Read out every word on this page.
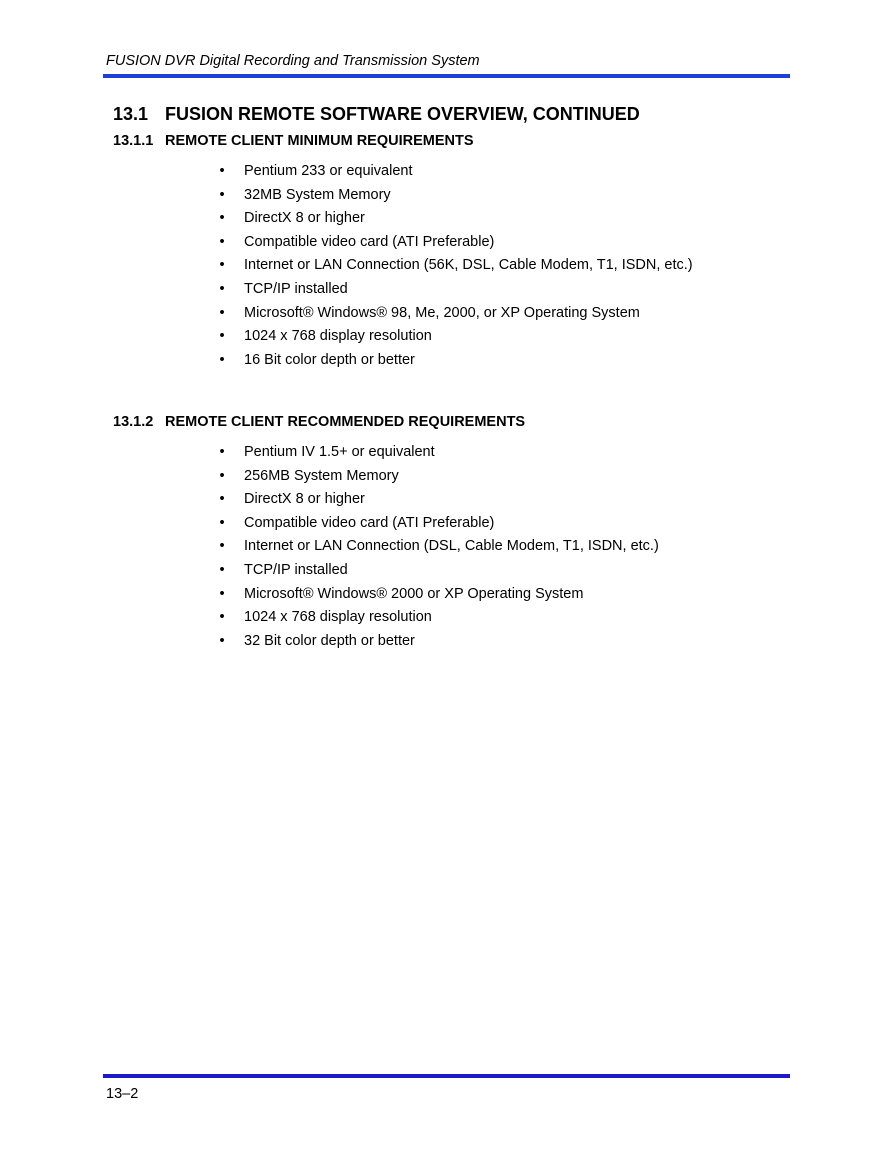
FUSION DVR Digital Recording and Transmission System
13.1 FUSION REMOTE SOFTWARE OVERVIEW, CONTINUED
13.1.1 REMOTE CLIENT MINIMUM REQUIREMENTS
•	Pentium 233 or equivalent
•	32MB System Memory
•	DirectX 8 or higher
•	Compatible video card (ATI Preferable)
•	Internet or LAN Connection (56K, DSL, Cable Modem, T1, ISDN, etc.)
•	TCP/IP installed
•	Microsoft® Windows® 98, Me, 2000, or XP Operating System
•	1024 x 768 display resolution
•	16 Bit color depth or better
13.1.2 REMOTE CLIENT RECOMMENDED REQUIREMENTS
•	Pentium IV 1.5+ or equivalent
•	256MB System Memory
•	DirectX 8 or higher
•	Compatible video card (ATI Preferable)
•	Internet or LAN Connection (DSL, Cable Modem, T1, ISDN, etc.)
•	TCP/IP installed
•	Microsoft® Windows® 2000 or XP Operating System
•	1024 x 768 display resolution
•	32 Bit color depth or better
13–2
